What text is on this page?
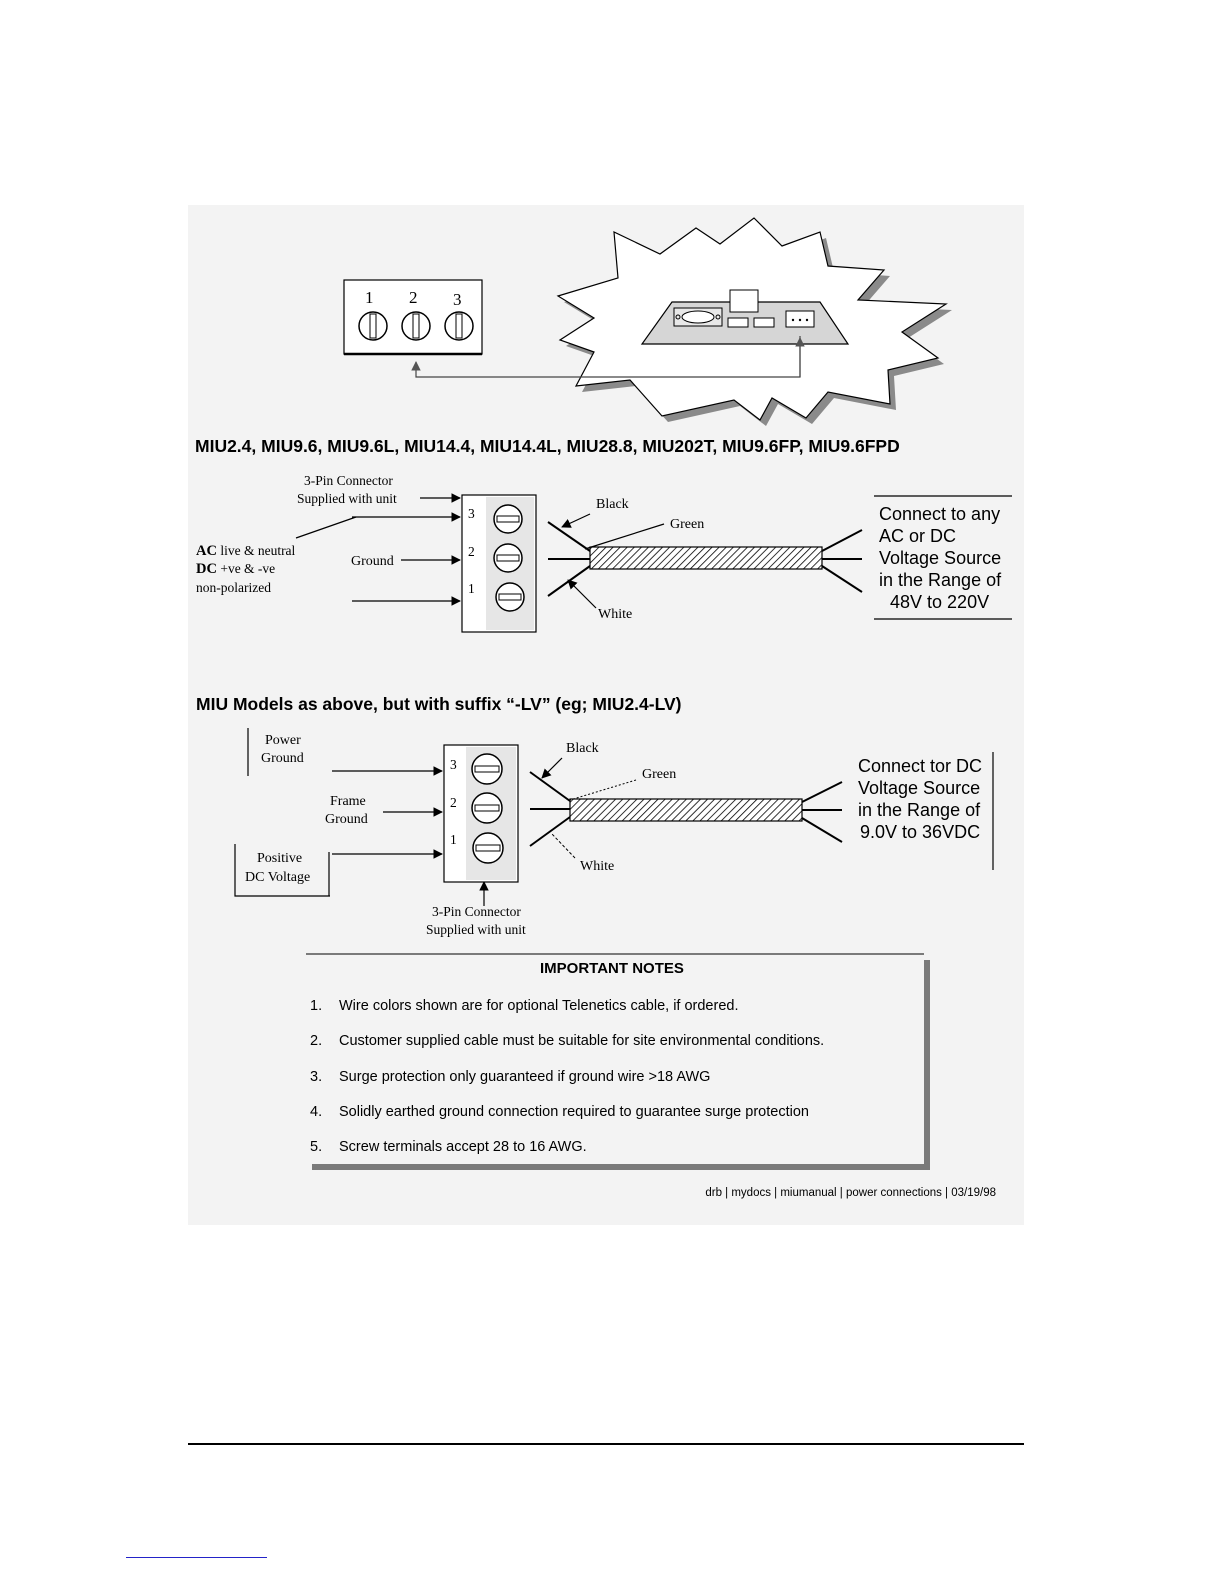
1 2 3
MIU2.4, MIU9.6, MIU9.6L, MIU14.4, MIU14.4L, MIU28.8, MIU202T, MIU9.6FP, MIU9.6FPD
3-Pin Connector
Supplied with unit
AC live & neutral
DC +ve & -ve
non-polarized
Ground
3
2
1
Black
Green
White
Connect to any
AC or DC
Voltage Source
in the Range of
48V to 220V
MIU Models as above, but with suffix “-LV” (eg; MIU2.4-LV)
Power
Ground
Frame
Ground
Positive
DC Voltage
3-Pin Connector
Supplied with unit
3
2
1
Black
Green
White
Connect tor DC
Voltage Source
in the Range of
9.0V to 36VDC
IMPORTANT NOTES
1. Wire colors shown are for optional Telenetics cable, if ordered.
2. Customer supplied cable must be suitable for site environmental conditions.
3. Surge protection only guaranteed if ground wire >18 AWG
4. Solidly earthed ground connection required to guarantee surge protection
5. Screw terminals accept 28 to 16 AWG.
drb | mydocs | miumanual | power connections | 03/19/98
